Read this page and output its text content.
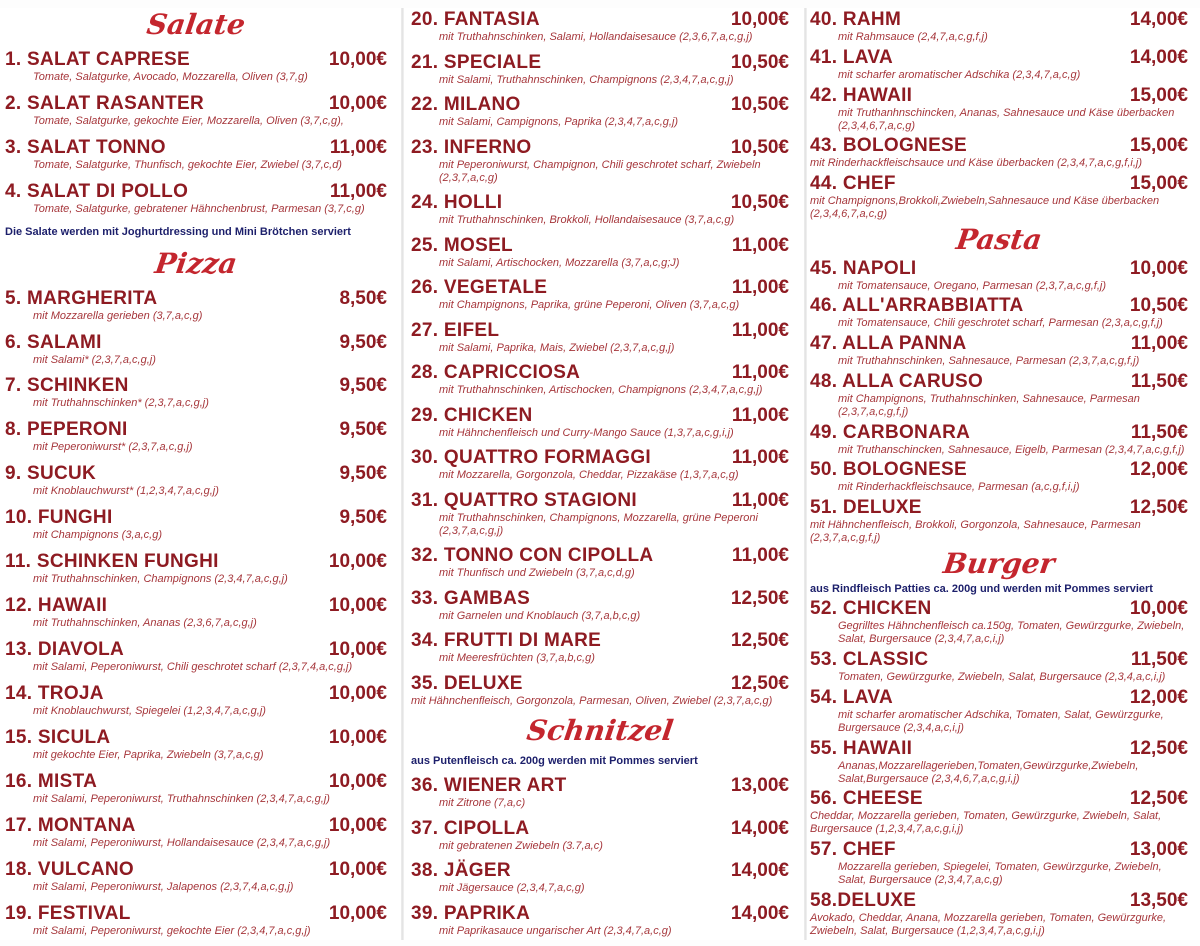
Salate
1. SALAT CAPRESE	10,00€
Tomate, Salatgurke, Avocado, Mozzarella, Oliven (3,7,g)
2. SALAT RASANTER	10,00€
Tomate, Salatgurke, gekochte Eier, Mozzarella, Oliven (3,7,c,g),
3. SALAT TONNO	11,00€
Tomate, Salatgurke, Thunfisch, gekochte Eier, Zwiebel (3,7,c,d)
4. SALAT DI POLLO	11,00€
Tomate, Salatgurke, gebratener Hähnchenbrust, Parmesan (3,7,c,g)
Die Salate werden mit Joghurtdressing und Mini Brötchen serviert
Pizza
5. MARGHERITA	8,50€
mit Mozzarella gerieben (3,7,a,c,g)
6. SALAMI	9,50€
mit Salami* (2,3,7,a,c,g,j)
7. SCHINKEN	9,50€
mit Truthahnschinken* (2,3,7,a,c,g,j)
8. PEPERONI	9,50€
mit Peperoniwurst* (2,3,7,a,c,g,j)
9. SUCUK	9,50€
mit Knoblauchwurst* (1,2,3,4,7,a,c,g,j)
10. FUNGHI	9,50€
mit Champignons (3,a,c,g)
11. SCHINKEN FUNGHI	10,00€
mit Truthahnschinken, Champignons (2,3,4,7,a,c,g,j)
12. HAWAII	10,00€
mit Truthahnschinken, Ananas (2,3,6,7,a,c,g,j)
13. DIAVOLA	10,00€
mit Salami, Peperoniwurst, Chili geschrotet scharf (2,3,7,4,a,c,g,j)
14. TROJA	10,00€
mit Knoblauchwurst, Spiegelei (1,2,3,4,7,a,c,g,j)
15. SICULA	10,00€
mit gekochte Eier, Paprika, Zwiebeln (3,7,a,c,g)
16. MISTA	10,00€
mit Salami, Peperoniwurst, Truthahnschinken (2,3,4,7,a,c,g,j)
17. MONTANA	10,00€
mit Salami, Peperoniwurst, Hollandaisesauce (2,3,4,7,a,c,g,j)
18. VULCANO	10,00€
mit Salami, Peperoniwurst, Jalapenos (2,3,7,4,a,c,g,j)
19. FESTIVAL	10,00€
mit Salami, Peperoniwurst, gekochte Eier (2,3,4,7,a,c,g,j)
20. FANTASIA	10,00€
mit Truthahnschinken, Salami, Hollandaisesauce (2,3,6,7,a,c,g,j)
21. SPECIALE	10,50€
mit Salami, Truthahnschinken, Champignons (2,3,4,7,a,c,g,j)
22. MILANO	10,50€
mit Salami, Campignons, Paprika (2,3,4,7,a,c,g,j)
23. INFERNO	10,50€
mit Peperoniwurst, Champignon, Chili geschrotet scharf, Zwiebeln (2,3,7,a,c,g)
24. HOLLI	10,50€
mit Truthahnschinken, Brokkoli, Hollandaisesauce (3,7,a,c,g)
25. MOSEL	11,00€
mit Salami, Artischocken, Mozzarella (3,7,a,c,g;J)
26. VEGETALE	11,00€
mit Champignons, Paprika, grüne Peperoni, Oliven (3,7,a,c,g)
27. EIFEL	11,00€
mit Salami, Paprika, Mais, Zwiebel (2,3,7,a,c,g,j)
28. CAPRICCIOSA	11,00€
mit Truthahnschinken, Artischocken, Champignons (2,3,4,7,a,c,g,j)
29. CHICKEN	11,00€
mit Hähnchenfleisch und Curry-Mango Sauce (1,3,7,a,c,g,i,j)
30. QUATTRO FORMAGGI	11,00€
mit Mozzarella, Gorgonzola, Cheddar, Pizzakäse (1,3,7,a,c,g)
31. QUATTRO STAGIONI	11,00€
mit Truthahnschinken, Champignons, Mozzarella, grüne Peperoni (2,3,7,a,c,g,j)
32. TONNO CON CIPOLLA	11,00€
mit Thunfisch und Zwiebeln (3,7,a,c,d,g)
33. GAMBAS	12,50€
mit Garnelen und Knoblauch (3,7,a,b,c,g)
34. FRUTTI DI MARE	12,50€
mit Meeresfrüchten (3,7,a,b,c,g)
35. DELUXE	12,50€
mit Hähnchenfleisch, Gorgonzola, Parmesan, Oliven, Zwiebel (2,3,7,a,c,g)
Schnitzel
aus Putenfleisch ca. 200g werden mit Pommes serviert
36. WIENER ART	13,00€
mit Zitrone (7,a,c)
37. CIPOLLA	14,00€
mit gebratenen Zwiebeln (3.7,a,c)
38. JÄGER	14,00€
mit Jägersauce (2,3,4,7,a,c,g)
39. PAPRIKA	14,00€
mit Paprikasauce ungarischer Art (2,3,4,7,a,c,g)
40. RAHM	14,00€
mit Rahmsauce (2,4,7,a,c,g,f,j)
41. LAVA	14,00€
mit scharfer aromatischer Adschika (2,3,4,7,a,c,g)
42. HAWAII	15,00€
mit Truthanhnschincken, Ananas, Sahnesauce und Käse überbacken (2,3,4,6,7,a,c,g)
43. BOLOGNESE	15,00€
mit Rinderhackfleischsauce und Käse überbacken (2,3,4,7,a,c,g,f,i,j)
44. CHEF	15,00€
mit Champignons,Brokkoli,Zwiebeln,Sahnesauce und Käse überbacken (2,3,4,6,7,a,c,g)
Pasta
45. NAPOLI	10,00€
mit Tomatensauce, Oregano, Parmesan (2,3,7,a,c,g,f,j)
46. ALL'ARRABBIATTA	10,50€
mit Tomatensauce, Chili geschrotet scharf, Parmesan (2,3,a,c,g,f,j)
47. ALLA PANNA	11,00€
mit Truthahnschinken, Sahnesauce, Parmesan (2,3,7,a,c,g,f,j)
48. ALLA CARUSO	11,50€
mit Champignons, Truthahnschinken, Sahnesauce, Parmesan (2,3,7,a,c,g,f,j)
49. CARBONARA	11,50€
mit Truthanschincken, Sahnesauce, Eigelb, Parmesan (2,3,4,7,a,c,g,f,j)
50. BOLOGNESE	12,00€
mit Rinderhackfleischsauce, Parmesan (a,c,g,f,i,j)
51. DELUXE	12,50€
mit Hähnchenfleisch, Brokkoli, Gorgonzola, Sahnesauce, Parmesan (2,3,7,a,c,g,f,j)
Burger
aus Rindfleisch Patties ca. 200g und werden mit Pommes serviert
52. CHICKEN	10,00€
Gegrilltes Hähnchenfleisch ca.150g, Tomaten, Gewürzgurke, Zwiebeln, Salat, Burgersauce (2,3,4,7,a,c,i,j)
53. CLASSIC	11,50€
Tomaten, Gewürzgurke, Zwiebeln, Salat, Burgersauce (2,3,4,a,c,i,j)
54. LAVA	12,00€
mit scharfer aromatischer Adschika, Tomaten, Salat, Gewürzgurke, Burgersauce (2,3,4,a,c,i,j)
55. HAWAII	12,50€
Ananas,Mozzarellagerieben,Tomaten,Gewürzgurke,Zwiebeln, Salat,Burgersauce (2,3,4,6,7,a,c,g,i,j)
56. CHEESE	12,50€
Cheddar, Mozzarella gerieben, Tomaten, Gewürzgurke, Zwiebeln, Salat, Burgersauce (1,2,3,4,7,a,c,g,i,j)
57. CHEF	13,00€
Mozzarella gerieben, Spiegelei, Tomaten, Gewürzgurke, Zwiebeln, Salat, Burgersauce (2,3,4,7,a,c,g)
58.DELUXE	13,50€
Avokado, Cheddar, Anana, Mozzarella gerieben, Tomaten, Gewürzgurke, Zwiebeln, Salat, Burgersauce (1,2,3,4,7,a,c,g,i,j)
